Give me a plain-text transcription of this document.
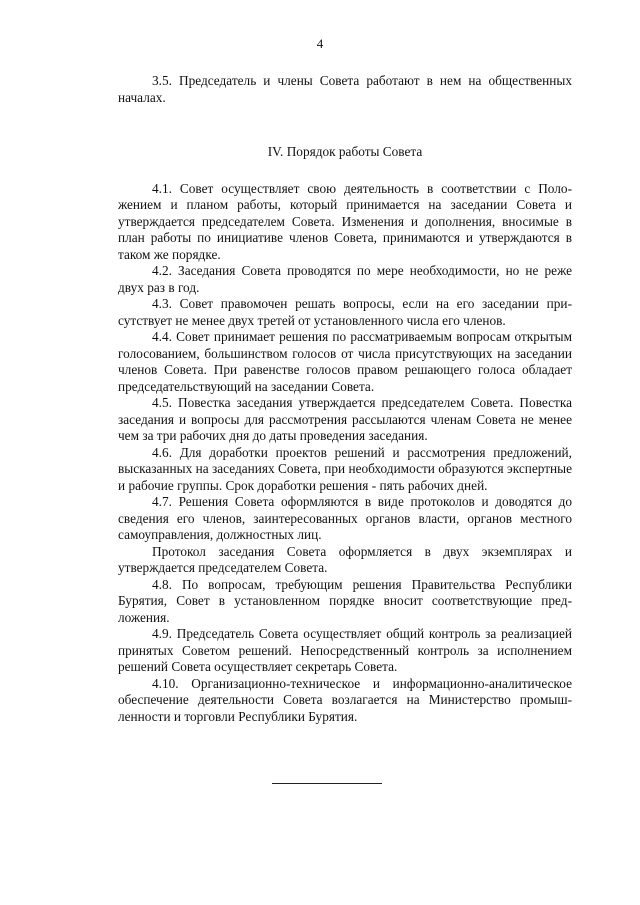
4

3.5. Председатель и члены Совета работают в нем на общественных началах.

IV. Порядок работы Совета

4.1. Совет осуществляет свою деятельность в соответствии с Положением и планом работы, который принимается на заседании Совета и утверждается председателем Совета. Изменения и дополнения, вносимые в план работы по инициативе членов Совета, принимаются и утверждаются в таком же порядке.

4.2. Заседания Совета проводятся по мере необходимости, но не реже двух раз в год.

4.3. Совет правомочен решать вопросы, если на его заседании присутствует не менее двух третей от установленного числа его членов.

4.4. Совет принимает решения по рассматриваемым вопросам открытым голосованием, большинством голосов от числа присутствующих на заседании членов Совета. При равенстве голосов правом решающего голоса обладает председательствующий на заседании Совета.

4.5. Повестка заседания утверждается председателем Совета. Повестка заседания и вопросы для рассмотрения рассылаются членам Совета не менее чем за три рабочих дня до даты проведения заседания.

4.6. Для доработки проектов решений и рассмотрения предложений, высказанных на заседаниях Совета, при необходимости образуются экспертные и рабочие группы. Срок доработки решения - пять рабочих дней.

4.7. Решения Совета оформляются в виде протоколов и доводятся до сведения его членов, заинтересованных органов власти, органов местного самоуправления, должностных лиц.

Протокол заседания Совета оформляется в двух экземплярах и утверждается председателем Совета.

4.8. По вопросам, требующим решения Правительства Республики Бурятия, Совет в установленном порядке вносит соответствующие предложения.

4.9. Председатель Совета осуществляет общий контроль за реализацией принятых Советом решений. Непосредственный контроль за исполнением решений Совета осуществляет секретарь Совета.

4.10. Организационно-техническое и информационно-аналитическое обеспечение деятельности Совета возлагается на Министерство промышленности и торговли Республики Бурятия.
